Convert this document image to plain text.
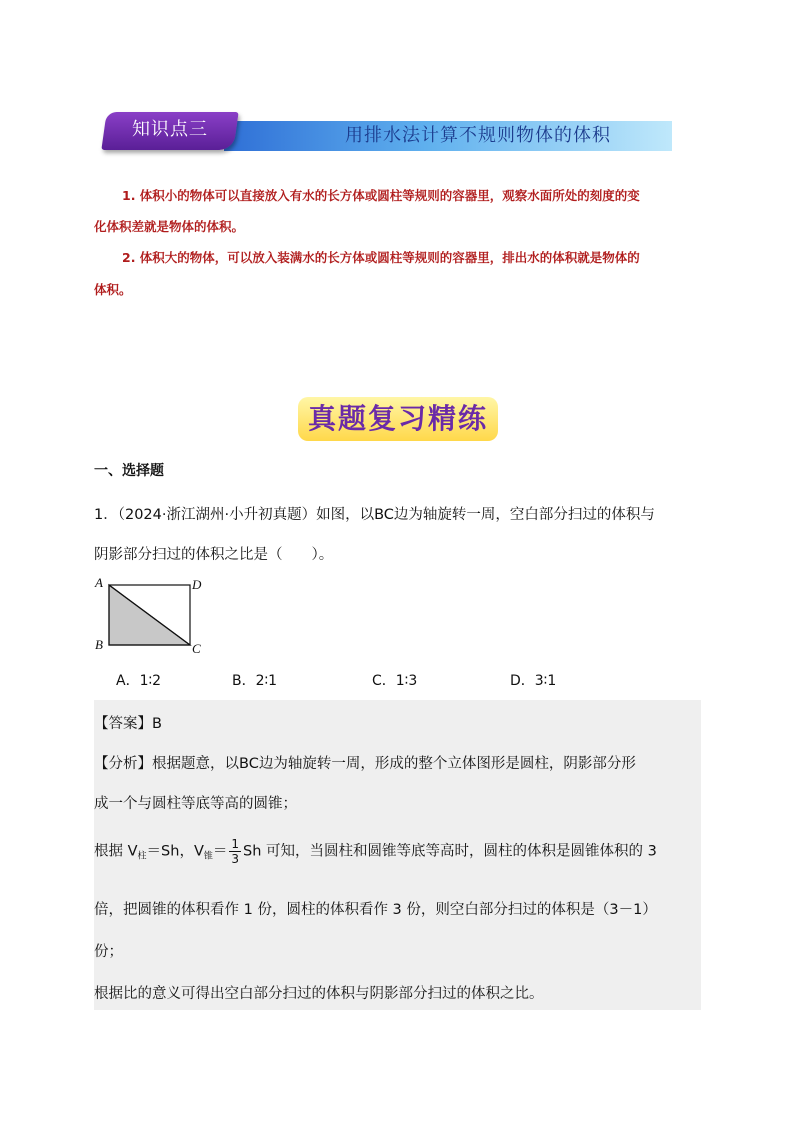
用排水法计算不规则物体的体积
知识点三
1. 体积小的物体可以直接放入有水的长方体或圆柱等规则的容器里，观察水面所处的刻度的变
化体积差就是物体的体积。
2. 体积大的物体，可以放入装满水的长方体或圆柱等规则的容器里，排出水的体积就是物体的
体积。
真题复习精练
一、选择题
1．（2024·浙江湖州·小升初真题）如图，以BC边为轴旋转一周，空白部分扫过的体积与
阴影部分扫过的体积之比是（　　）。
A	D
B	C
A．1∶2	B．2∶1	C．1∶3	D．3∶1
【答案】B
【分析】根据题意，以BC边为轴旋转一周，形成的整个立体图形是圆柱，阴影部分形
成一个与圆柱等底等高的圆锥；
根据 $V_柱=Sh$，$V_锥= \frac{1}{3}$ Sh 可知，当圆柱和圆锥等底等高时，圆柱的体积是圆锥体积的 3
倍，把圆锥的体积看作 1 份，圆柱的体积看作 3 份，则空白部分扫过的体积是（3－1）
份；
根据比的意义可得出空白部分扫过的体积与阴影部分扫过的体积之比。
